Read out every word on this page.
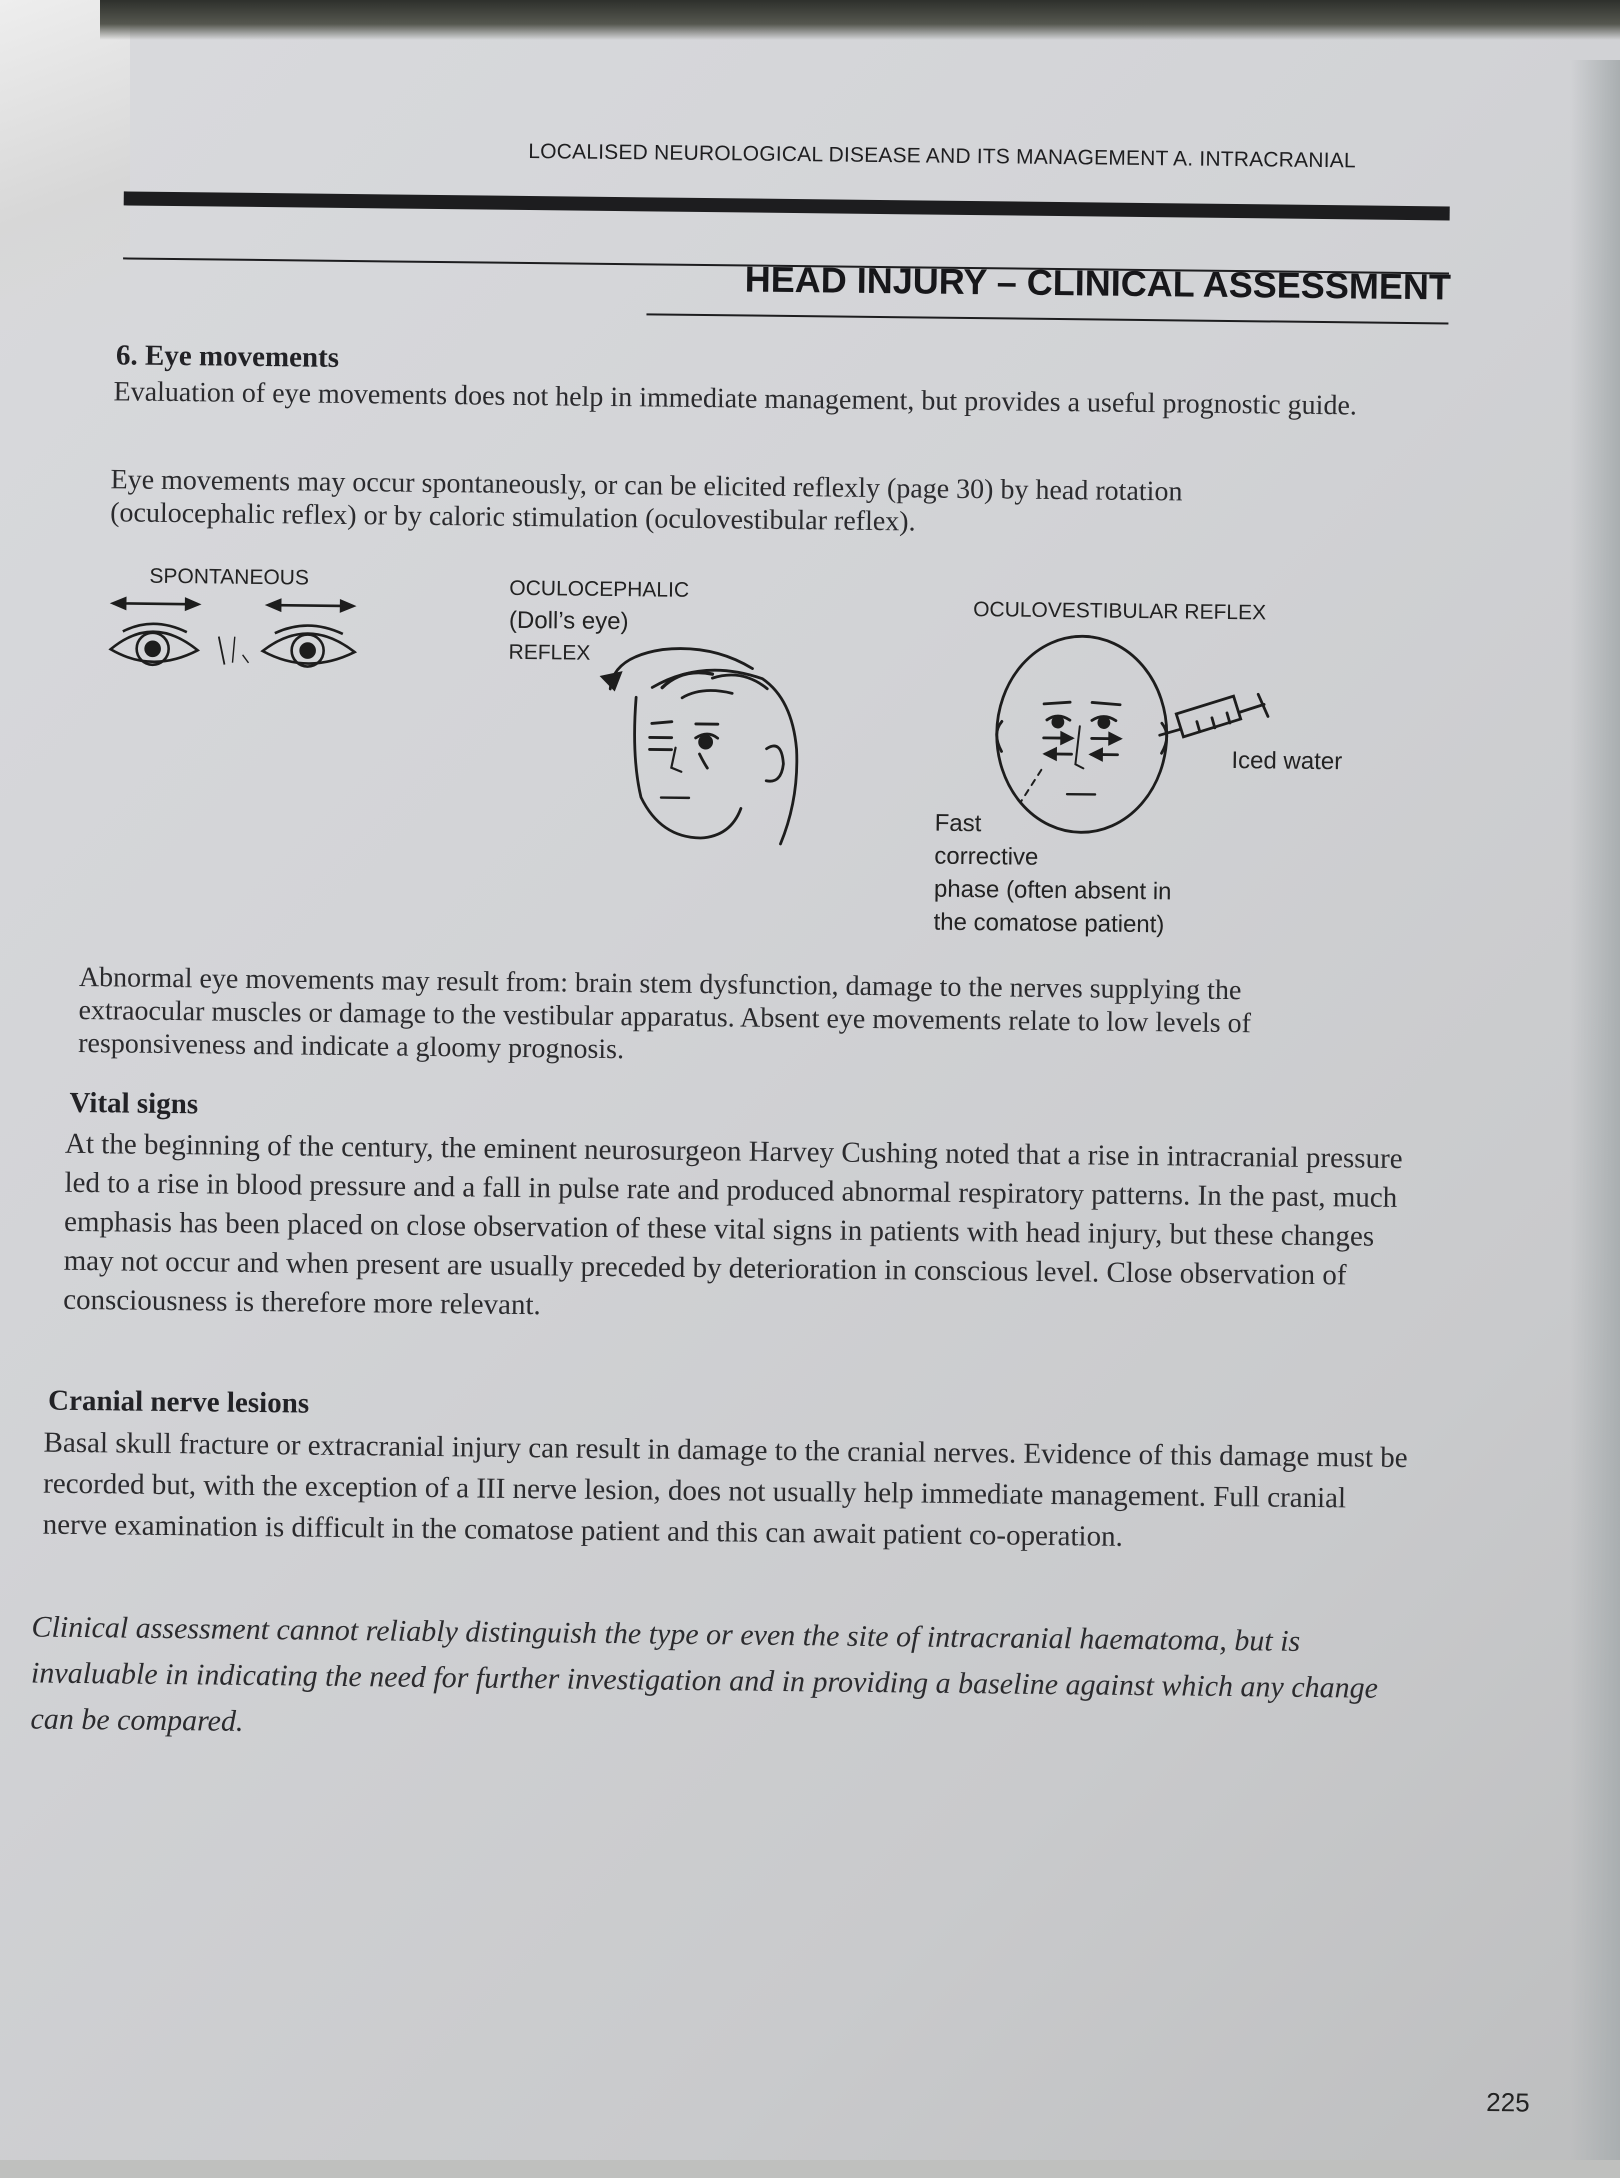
LOCALISED NEUROLOGICAL DISEASE AND ITS MANAGEMENT A. INTRACRANIAL
HEAD INJURY – CLINICAL ASSESSMENT
6. Eye movements
Evaluation of eye movements does not help in immediate management, but provides a useful prognostic guide.
Eye movements may occur spontaneously, or can be elicited reflexly (page 30) by head rotation (oculocephalic reflex) or by caloric stimulation (oculovestibular reflex).
SPONTANEOUS	OCULOCEPHALIC
(Doll’s eye)
REFLEX
OCULOVESTIBULAR REFLEX
Iced water
Fast
corrective
phase (often absent in
the comatose patient)
Abnormal eye movements may result from: brain stem dysfunction, damage to the nerves supplying the extraocular muscles or damage to the vestibular apparatus. Absent eye movements relate to low levels of responsiveness and indicate a gloomy prognosis.
Vital signs
At the beginning of the century, the eminent neurosurgeon Harvey Cushing noted that a rise in intracranial pressure led to a rise in blood pressure and a fall in pulse rate and produced abnormal respiratory patterns. In the past, much emphasis has been placed on close observation of these vital signs in patients with head injury, but these changes may not occur and when present are usually preceded by deterioration in conscious level. Close observation of consciousness is therefore more relevant.
Cranial nerve lesions
Basal skull fracture or extracranial injury can result in damage to the cranial nerves. Evidence of this damage must be recorded but, with the exception of a III nerve lesion, does not usually help immediate management. Full cranial nerve examination is difficult in the comatose patient and this can await patient co-operation.
Clinical assessment cannot reliably distinguish the type or even the site of intracranial haematoma, but is invaluable in indicating the need for further investigation and in providing a baseline against which any change can be compared.
225
